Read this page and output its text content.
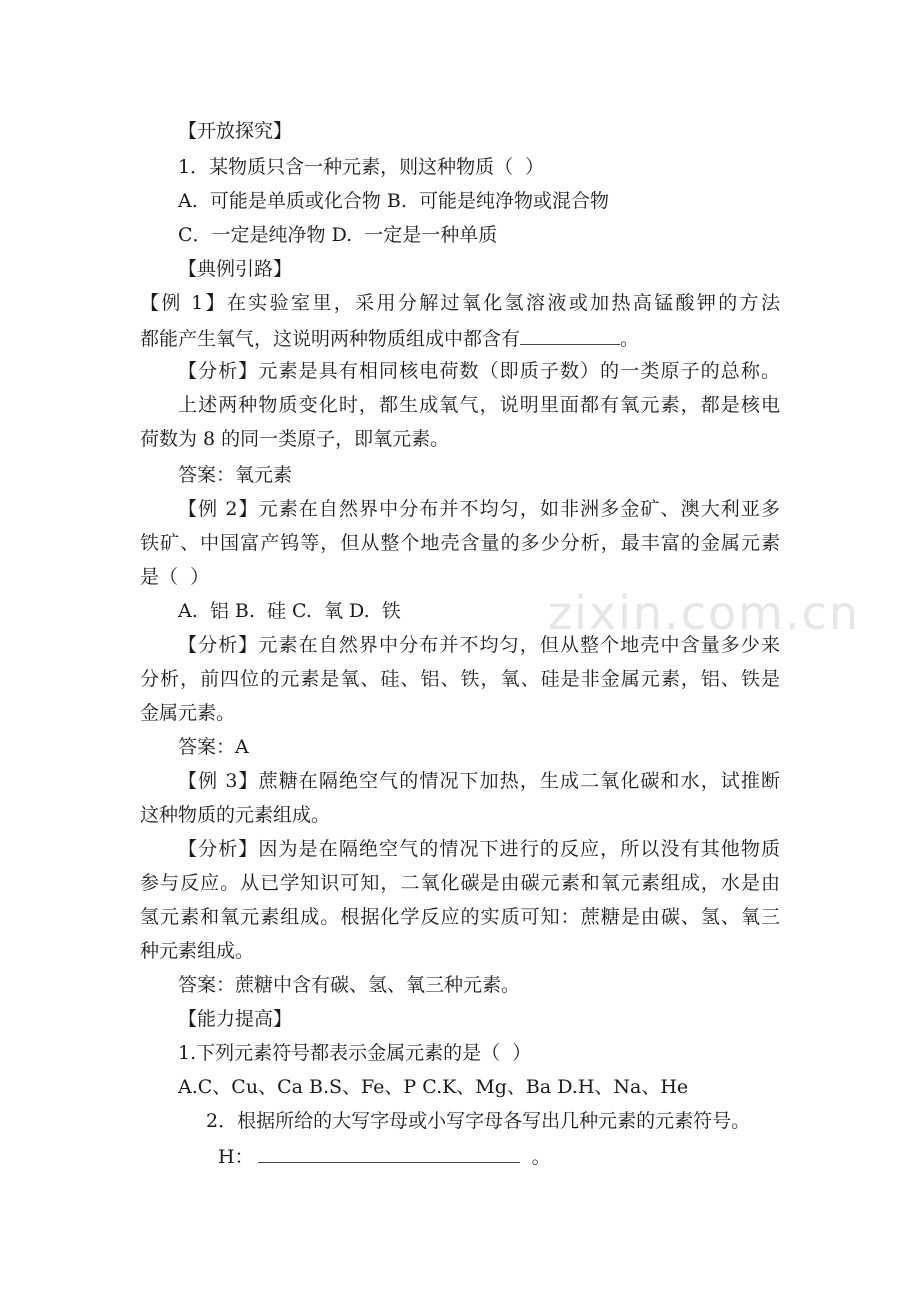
【开放探究】
1．某物质只含一种元素，则这种物质（  ）
A.  可能是单质或化合物 B.  可能是纯净物或混合物
C．一定是纯净物 D.  一定是一种单质
【典例引路】
【例 1】在实验室里，采用分解过氧化氢溶液或加热高锰酸钾的方法
都能产生氧气，这说明两种物质组成中都含有	。
【分析】元素是具有相同核电荷数（即质子数）的一类原子的总称。
上述两种物质变化时，都生成氧气，说明里面都有氧元素，都是核电
荷数为 8 的同一类原子，即氧元素。
答案：氧元素
【例 2】元素在自然界中分布并不均匀，如非洲多金矿、澳大利亚多
铁矿、中国富产钨等，但从整个地壳含量的多少分析，最丰富的金属元素
是（  ）
A.  铝 B.  硅 C.  氧 D.  铁
【分析】元素在自然界中分布并不均匀，但从整个地壳中含量多少来
分析，前四位的元素是氧、硅、铝、铁，氧、硅是非金属元素，铝、铁是
金属元素。
答案：A
【例 3】蔗糖在隔绝空气的情况下加热，生成二氧化碳和水，试推断
这种物质的元素组成。
【分析】因为是在隔绝空气的情况下进行的反应，所以没有其他物质
参与反应。从已学知识可知，二氧化碳是由碳元素和氧元素组成，水是由
氢元素和氧元素组成。根据化学反应的实质可知：蔗糖是由碳、氢、氧三
种元素组成。
答案：蔗糖中含有碳、氢、氧三种元素。
【能力提高】
1.下列元素符号都表示金属元素的是（  ）
A.C、Cu、Ca B.S、Fe、P C.K、Mg、Ba D.H、Na、He
2．根据所给的大写字母或小写字母各写出几种元素的元素符号。
H：	。
zixin.com.cn
